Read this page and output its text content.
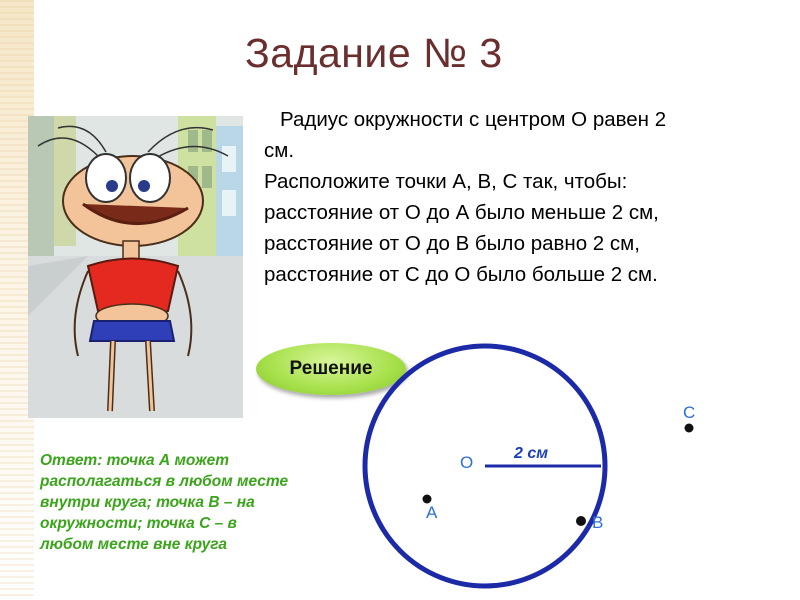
Задание № 3

Радиус окружности с центром О равен 2

см.

Расположите точки А, В, С так, чтобы:

расстояние от О до А было меньше 2 см,

расстояние от О до В было равно 2 см,

расстояние от С до О было больше 2 см.

Решение
2 см
О
А
В
С
Ответ: точка А может
располагаться в любом месте
внутри круга; точка В – на
окружности; точка С – в
любом месте вне круга
